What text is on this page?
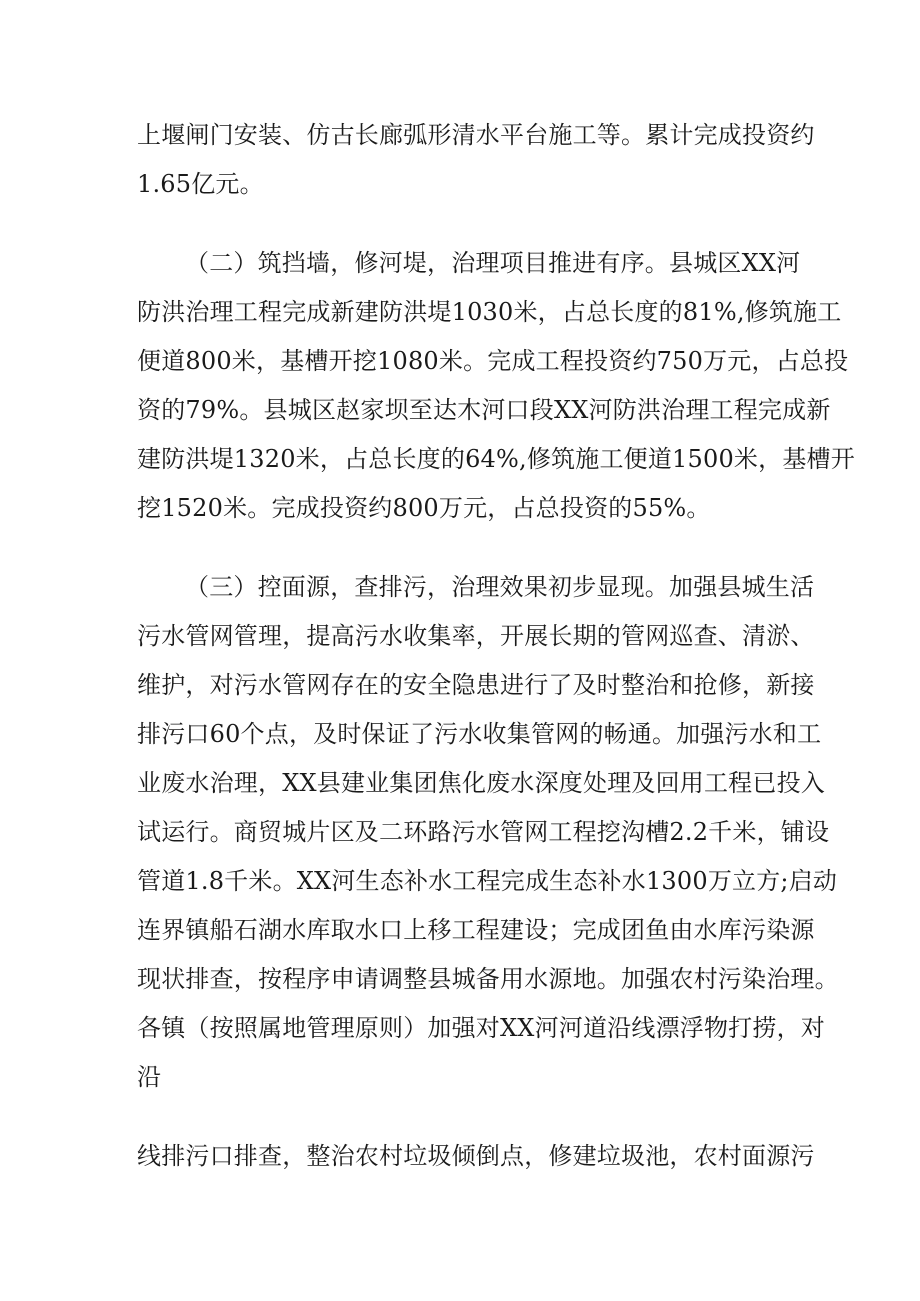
上堰闸门安装、仿古长廊弧形清水平台施工等。累计完成投资约
1.65亿元。
（二）筑挡墙，修河堤，治理项目推进有序。县城区XX河
防洪治理工程完成新建防洪堤1030米，占总长度的81%,修筑施工
便道800米，基槽开挖1080米。完成工程投资约750万元，占总投
资的79%。县城区赵家坝至达木河口段XX河防洪治理工程完成新
建防洪堤1320米，占总长度的64%,修筑施工便道1500米，基槽开
挖1520米。完成投资约800万元，占总投资的55%。
（三）控面源，查排污，治理效果初步显现。加强县城生活
污水管网管理，提高污水收集率，开展长期的管网巡查、清淤、
维护，对污水管网存在的安全隐患进行了及时整治和抢修，新接
排污口60个点，及时保证了污水收集管网的畅通。加强污水和工
业废水治理，XX县建业集团焦化废水深度处理及回用工程已投入
试运行。商贸城片区及二环路污水管网工程挖沟槽2.2千米，铺设
管道1.8千米。XX河生态补水工程完成生态补水1300万立方;启动
连界镇船石湖水库取水口上移工程建设；完成团鱼由水库污染源
现状排查，按程序申请调整县城备用水源地。加强农村污染治理。
各镇（按照属地管理原则）加强对XX河河道沿线漂浮物打捞，对
沿
线排污口排查，整治农村垃圾倾倒点，修建垃圾池，农村面源污
